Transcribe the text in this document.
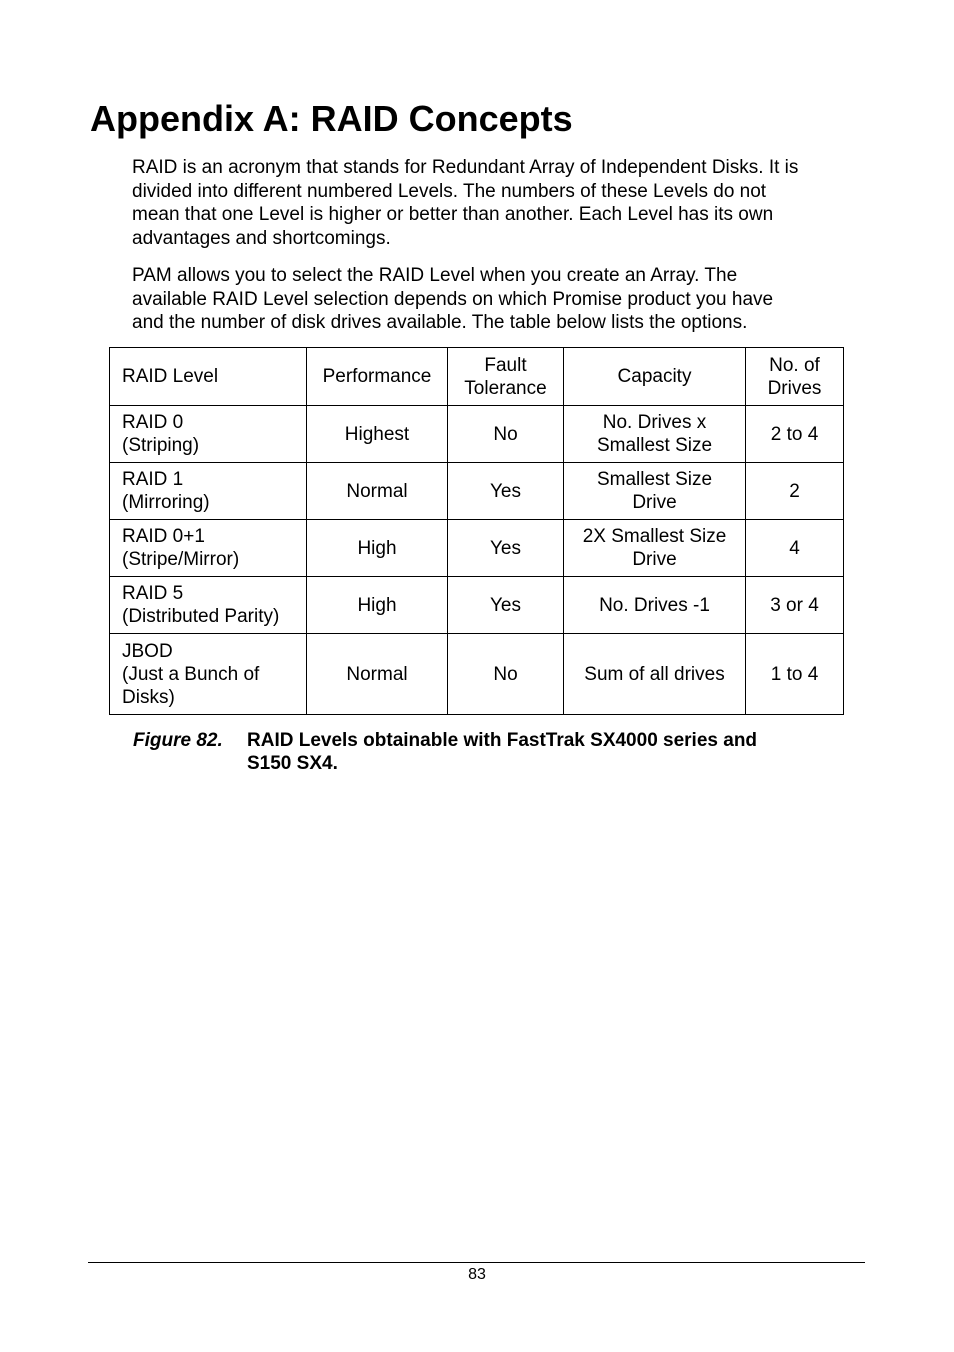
Appendix A: RAID Concepts

RAID is an acronym that stands for Redundant Array of Independent Disks. It is
divided into different numbered Levels. The numbers of these Levels do not
mean that one Level is higher or better than another. Each Level has its own
advantages and shortcomings.

PAM allows you to select the RAID Level when you create an Array. The
available RAID Level selection depends on which Promise product you have
and the number of disk drives available. The table below lists the options.

RAID Level	Performance	Fault
Tolerance	Capacity	No. of
Drives

RAID 0
(Striping)	Highest	No	No. Drives x
Smallest Size	2 to 4

RAID 1
(Mirroring)	Normal	Yes	Smallest Size
Drive	2

RAID 0+1
(Stripe/Mirror)	High	Yes	2X Smallest Size
Drive	4

RAID 5
(Distributed Parity)	High	Yes	No. Drives -1	3 or 4

JBOD
(Just a Bunch of
Disks)	Normal	No	Sum of all drives	1 to 4
Figure 82. RAID Levels obtainable with FastTrak SX4000 series and
S150 SX4.
83
